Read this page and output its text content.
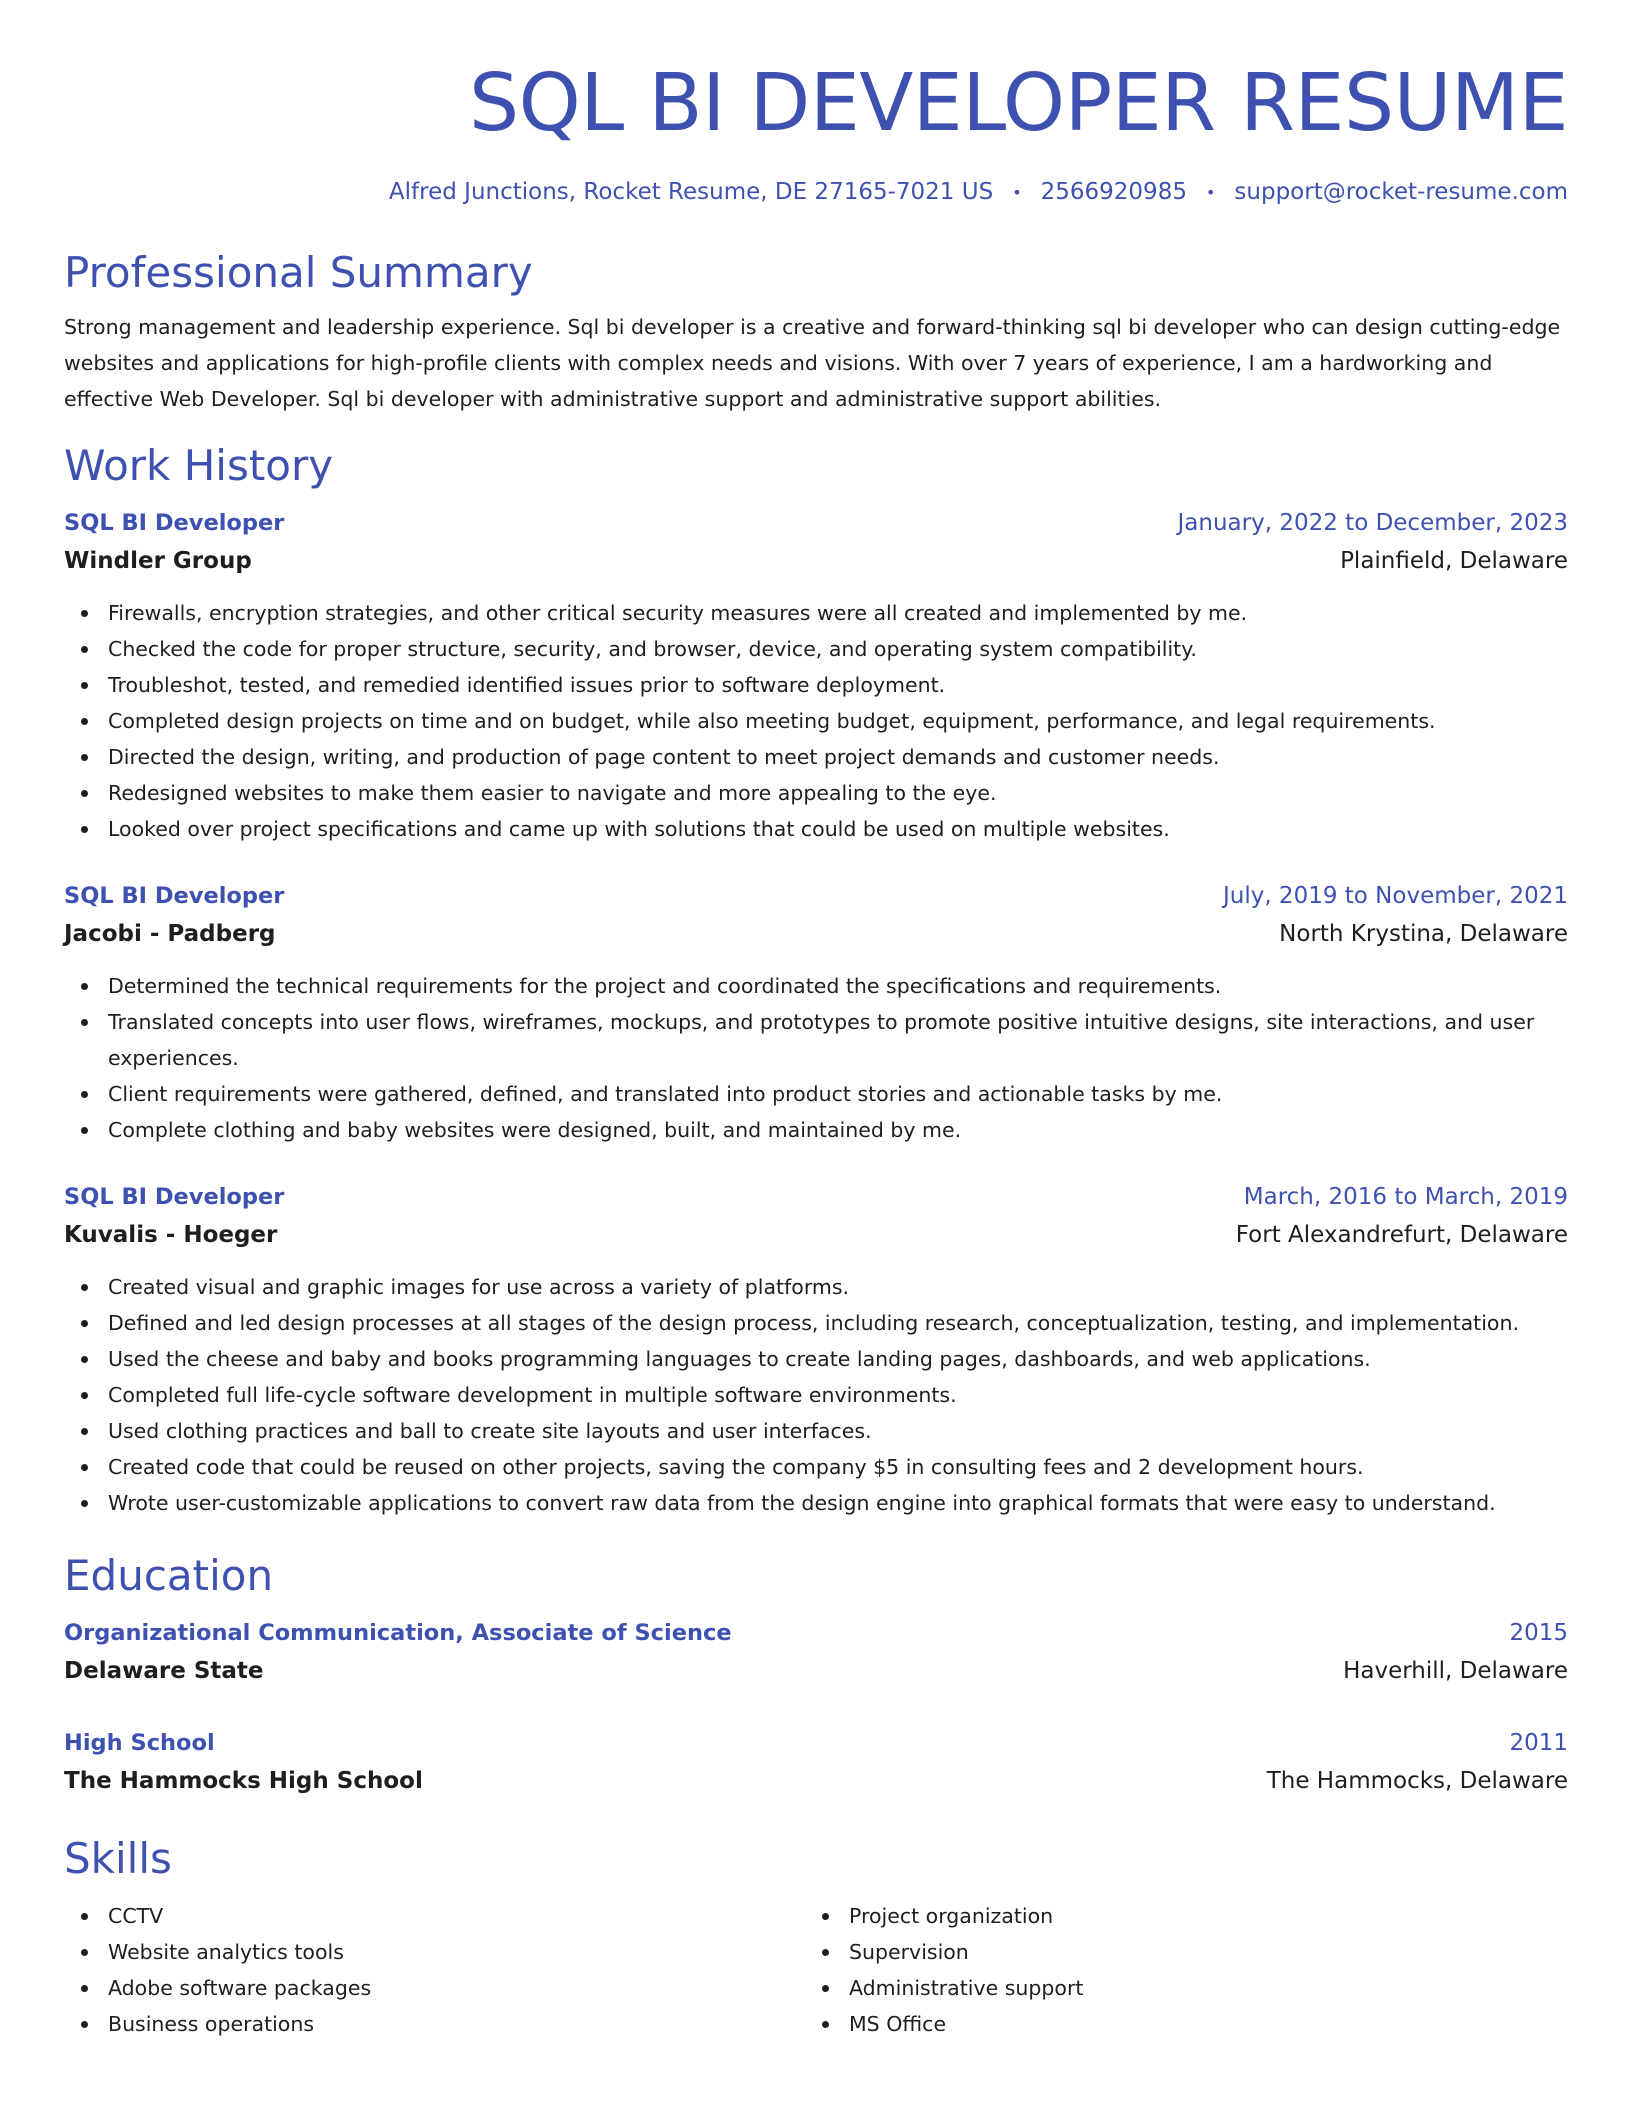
SQL BI DEVELOPER RESUME
Alfred Junctions, Rocket Resume, DE 27165-7021 US • 2566920985 • support@rocket-resume.com
Professional Summary

Strong management and leadership experience. Sql bi developer is a creative and forward-thinking sql bi developer who can design cutting-edge websites and applications for high-profile clients with complex needs and visions. With over 7 years of experience, I am a hardworking and effective Web Developer. Sql bi developer with administrative support and administrative support abilities.

Work History
SQL BI Developer	January, 2022 to December, 2023
Windler Group	Plainfield, Delaware
Firewalls, encryption strategies, and other critical security measures were all created and implemented by me.
Checked the code for proper structure, security, and browser, device, and operating system compatibility.
Troubleshot, tested, and remedied identified issues prior to software deployment.
Completed design projects on time and on budget, while also meeting budget, equipment, performance, and legal requirements.
Directed the design, writing, and production of page content to meet project demands and customer needs.
Redesigned websites to make them easier to navigate and more appealing to the eye.
Looked over project specifications and came up with solutions that could be used on multiple websites.
SQL BI Developer	July, 2019 to November, 2021
Jacobi - Padberg	North Krystina, Delaware
Determined the technical requirements for the project and coordinated the specifications and requirements.
Translated concepts into user flows, wireframes, mockups, and prototypes to promote positive intuitive designs, site interactions, and user experiences.
Client requirements were gathered, defined, and translated into product stories and actionable tasks by me.
Complete clothing and baby websites were designed, built, and maintained by me.
SQL BI Developer	March, 2016 to March, 2019
Kuvalis - Hoeger	Fort Alexandrefurt, Delaware
Created visual and graphic images for use across a variety of platforms.
Defined and led design processes at all stages of the design process, including research, conceptualization, testing, and implementation.
Used the cheese and baby and books programming languages to create landing pages, dashboards, and web applications.
Completed full life-cycle software development in multiple software environments.
Used clothing practices and ball to create site layouts and user interfaces.
Created code that could be reused on other projects, saving the company $5 in consulting fees and 2 development hours.
Wrote user-customizable applications to convert raw data from the design engine into graphical formats that were easy to understand.
Education
Organizational Communication, Associate of Science	2015
Delaware State	Haverhill, Delaware
High School	2011
The Hammocks High School	The Hammocks, Delaware
Skills
CCTV
Website analytics tools
Adobe software packages
Business operations
Project organization
Supervision
Administrative support
MS Office
